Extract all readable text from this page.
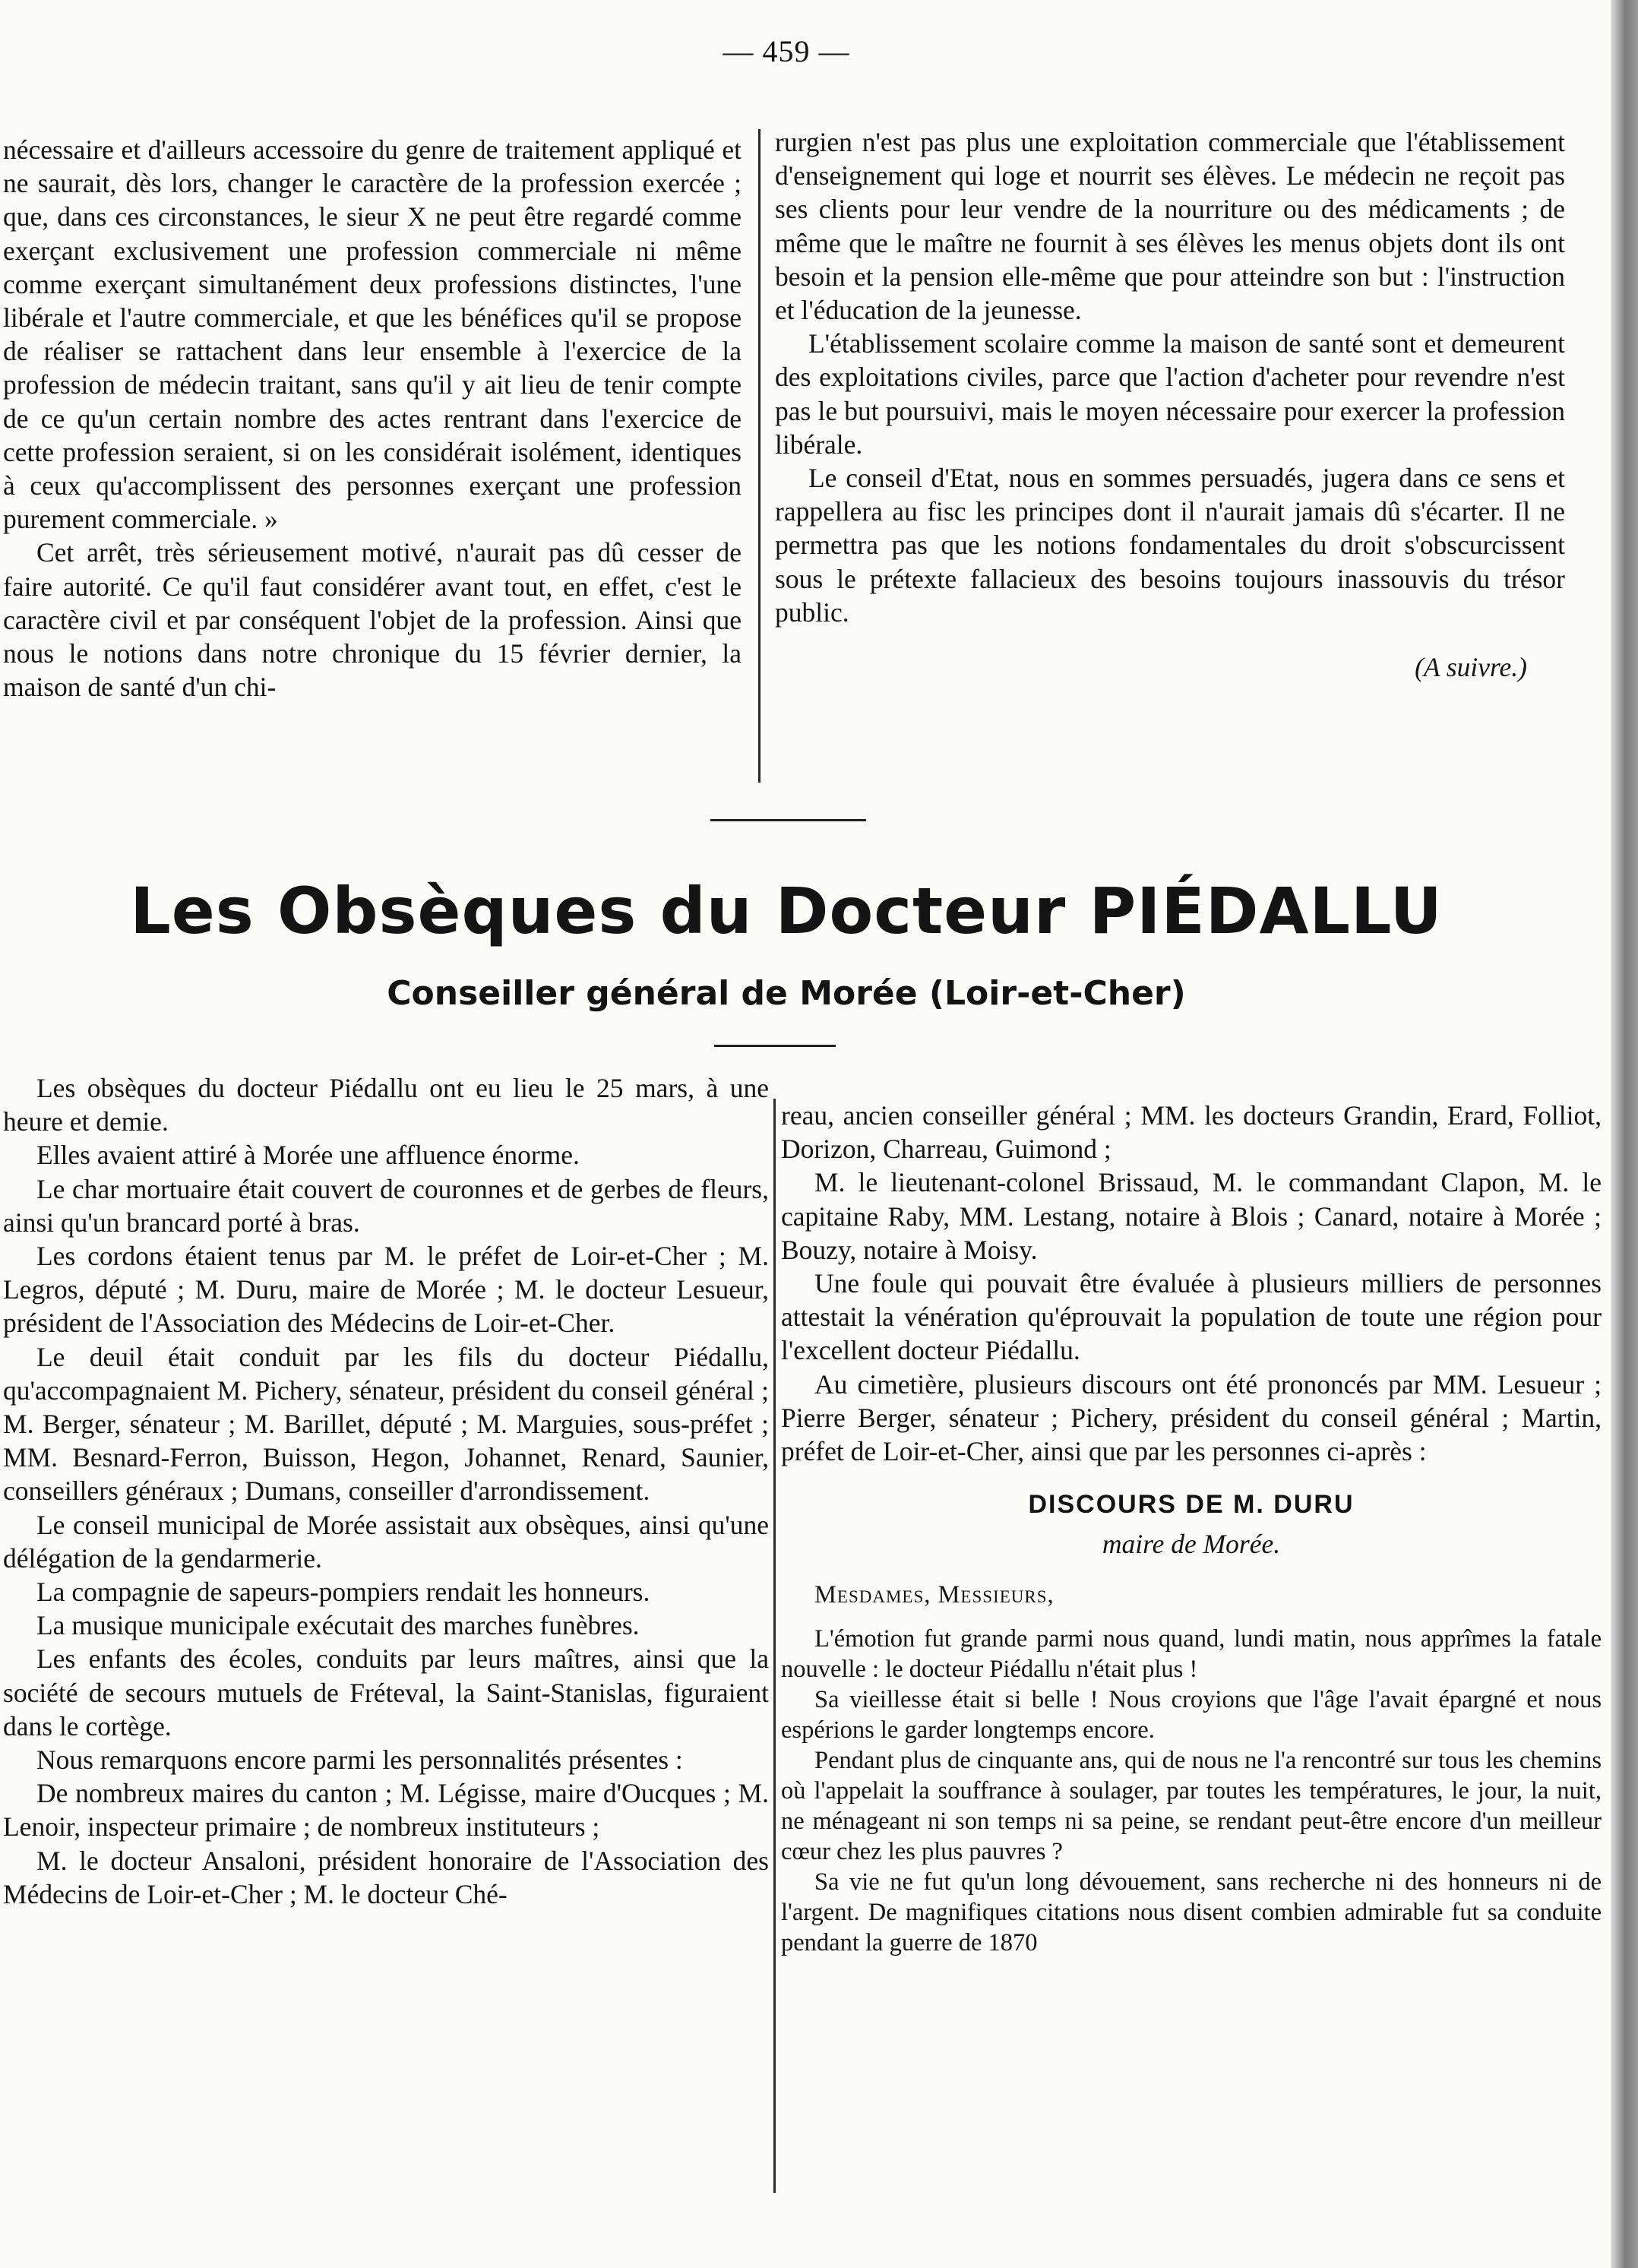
— 459 —

nécessaire et d'ailleurs accessoire du genre de traitement appliqué et ne saurait, dès lors, changer le caractère de la profession exercée ; que, dans ces circonstances, le sieur X ne peut être regardé comme exerçant exclusivement une profession commerciale ni même comme exerçant simultanément deux professions distinctes, l'une libérale et l'autre commerciale, et que les bénéfices qu'il se propose de réaliser se rattachent dans leur ensemble à l'exercice de la profession de médecin traitant, sans qu'il y ait lieu de tenir compte de ce qu'un certain nombre des actes rentrant dans l'exercice de cette profession seraient, si on les considérait isolément, identiques à ceux qu'accomplissent des personnes exerçant une profession purement commerciale. »

Cet arrêt, très sérieusement motivé, n'aurait pas dû cesser de faire autorité. Ce qu'il faut considérer avant tout, en effet, c'est le caractère civil et par conséquent l'objet de la profession. Ainsi que nous le notions dans notre chronique du 15 février dernier, la maison de santé d'un chi-

rurgien n'est pas plus une exploitation commerciale que l'établissement d'enseignement qui loge et nourrit ses élèves. Le médecin ne reçoit pas ses clients pour leur vendre de la nourriture ou des médicaments ; de même que le maître ne fournit à ses élèves les menus objets dont ils ont besoin et la pension elle-même que pour atteindre son but : l'instruction et l'éducation de la jeunesse.

L'établissement scolaire comme la maison de santé sont et demeurent des exploitations civiles, parce que l'action d'acheter pour revendre n'est pas le but poursuivi, mais le moyen nécessaire pour exercer la profession libérale.

Le conseil d'Etat, nous en sommes persuadés, jugera dans ce sens et rappellera au fisc les principes dont il n'aurait jamais dû s'écarter. Il ne permettra pas que les notions fondamentales du droit s'obscurcissent sous le prétexte fallacieux des besoins toujours inassouvis du trésor public.

(A suivre.)

Les Obsèques du Docteur PIÉDALLU
Conseiller général de Morée (Loir-et-Cher)

Les obsèques du docteur Piédallu ont eu lieu le 25 mars, à une heure et demie.

Elles avaient attiré à Morée une affluence énorme.

Le char mortuaire était couvert de couronnes et de gerbes de fleurs, ainsi qu'un brancard porté à bras.

Les cordons étaient tenus par M. le préfet de Loir-et-Cher ; M. Legros, député ; M. Duru, maire de Morée ; M. le docteur Lesueur, président de l'Association des Médecins de Loir-et-Cher.

Le deuil était conduit par les fils du docteur Piédallu, qu'accompagnaient M. Pichery, sénateur, président du conseil général ; M. Berger, sénateur ; M. Barillet, député ; M. Marguies, sous-préfet ; MM. Besnard-Ferron, Buisson, Hegon, Johannet, Renard, Saunier, conseillers généraux ; Dumans, conseiller d'arrondissement.

Le conseil municipal de Morée assistait aux obsèques, ainsi qu'une délégation de la gendarmerie.

La compagnie de sapeurs-pompiers rendait les honneurs.

La musique municipale exécutait des marches funèbres.

Les enfants des écoles, conduits par leurs maîtres, ainsi que la société de secours mutuels de Fréteval, la Saint-Stanislas, figuraient dans le cortège.

Nous remarquons encore parmi les personnalités présentes :

De nombreux maires du canton ; M. Légisse, maire d'Oucques ; M. Lenoir, inspecteur primaire ; de nombreux instituteurs ;

M. le docteur Ansaloni, président honoraire de l'Association des Médecins de Loir-et-Cher ; M. le docteur Ché-

reau, ancien conseiller général ; MM. les docteurs Grandin, Erard, Folliot, Dorizon, Charreau, Guimond ;

M. le lieutenant-colonel Brissaud, M. le commandant Clapon, M. le capitaine Raby, MM. Lestang, notaire à Blois ; Canard, notaire à Morée ; Bouzy, notaire à Moisy.

Une foule qui pouvait être évaluée à plusieurs milliers de personnes attestait la vénération qu'éprouvait la population de toute une région pour l'excellent docteur Piédallu.

Au cimetière, plusieurs discours ont été prononcés par MM. Lesueur ; Pierre Berger, sénateur ; Pichery, président du conseil général ; Martin, préfet de Loir-et-Cher, ainsi que par les personnes ci-après :

DISCOURS DE M. DURU

maire de Morée.

Mesdames, Messieurs,

L'émotion fut grande parmi nous quand, lundi matin, nous apprîmes la fatale nouvelle : le docteur Piédallu n'était plus !

Sa vieillesse était si belle ! Nous croyions que l'âge l'avait épargné et nous espérions le garder longtemps encore.

Pendant plus de cinquante ans, qui de nous ne l'a rencontré sur tous les chemins où l'appelait la souffrance à soulager, par toutes les températures, le jour, la nuit, ne ménageant ni son temps ni sa peine, se rendant peut-être encore d'un meilleur cœur chez les plus pauvres ?

Sa vie ne fut qu'un long dévouement, sans recherche ni des honneurs ni de l'argent. De magnifiques citations nous disent combien admirable fut sa conduite pendant la guerre de 1870
